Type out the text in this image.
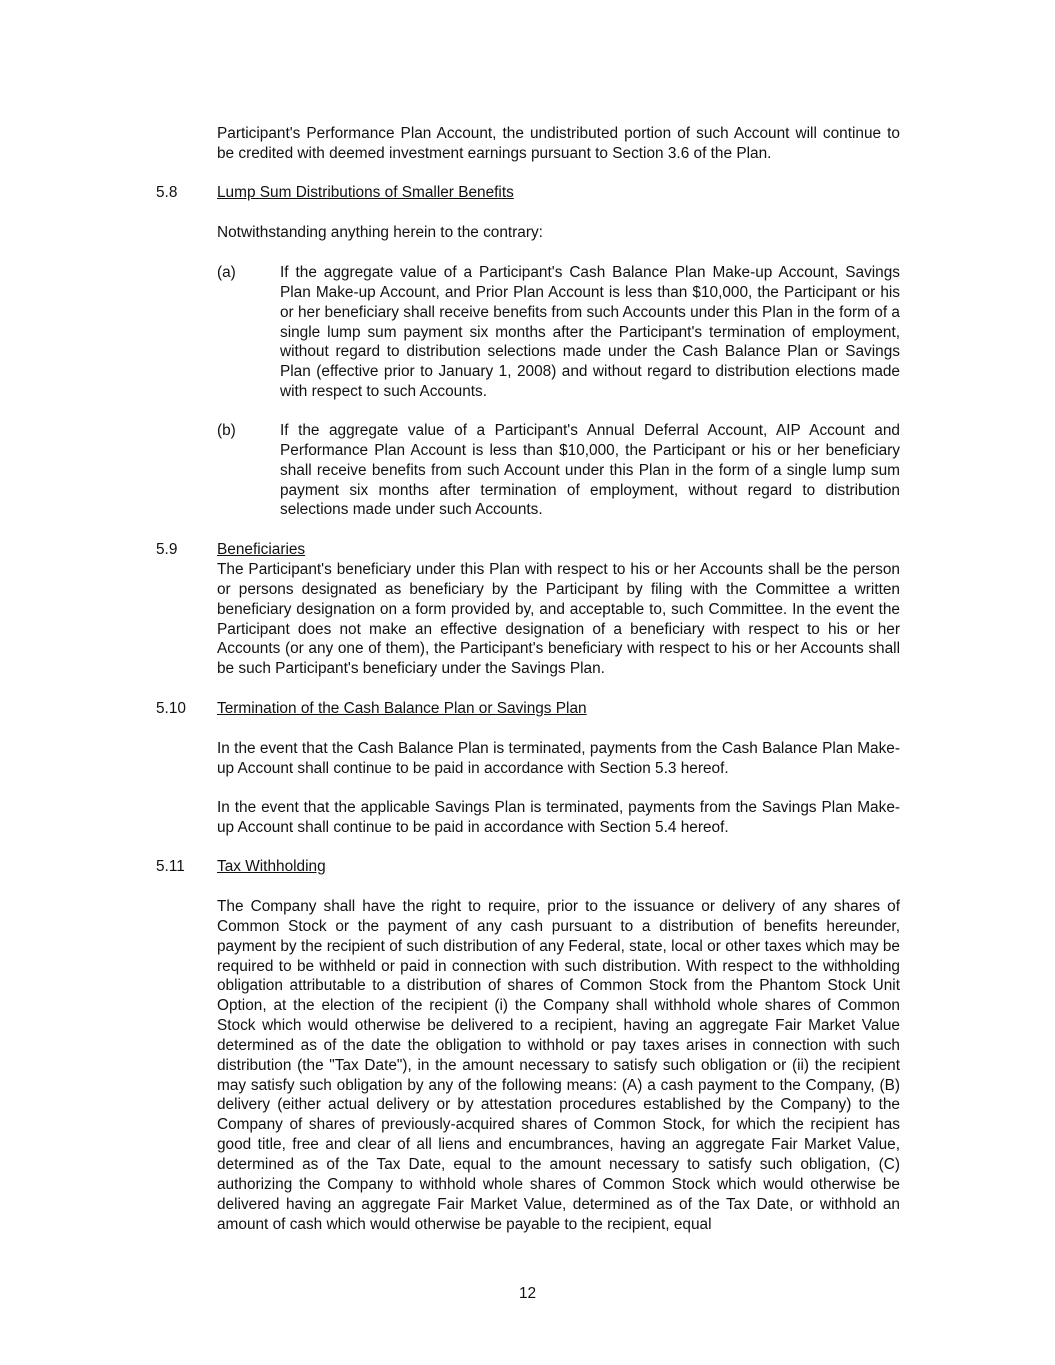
Participant's Performance Plan Account, the undistributed portion of such Account will continue to be credited with deemed investment earnings pursuant to Section 3.6 of the Plan.

5.8	Lump Sum Distributions of Smaller Benefits

Notwithstanding anything herein to the contrary:

(a)	If the aggregate value of a Participant's Cash Balance Plan Make-up Account, Savings Plan Make-up Account, and Prior Plan Account is less than $10,000, the Participant or his or her beneficiary shall receive benefits from such Accounts under this Plan in the form of a single lump sum payment six months after the Participant's termination of employment, without regard to distribution selections made under the Cash Balance Plan or Savings Plan (effective prior to January 1, 2008) and without regard to distribution elections made with respect to such Accounts.

(b)	If the aggregate value of a Participant's Annual Deferral Account, AIP Account and Performance Plan Account is less than $10,000, the Participant or his or her beneficiary shall receive benefits from such Account under this Plan in the form of a single lump sum payment six months after termination of employment, without regard to distribution selections made under such Accounts.

5.9	Beneficiaries

The Participant's beneficiary under this Plan with respect to his or her Accounts shall be the person or persons designated as beneficiary by the Participant by filing with the Committee a written beneficiary designation on a form provided by, and acceptable to, such Committee. In the event the Participant does not make an effective designation of a beneficiary with respect to his or her Accounts (or any one of them), the Participant's beneficiary with respect to his or her Accounts shall be such Participant's beneficiary under the Savings Plan.

5.10 Termination of the Cash Balance Plan or Savings Plan

In the event that the Cash Balance Plan is terminated, payments from the Cash Balance Plan Make-up Account shall continue to be paid in accordance with Section 5.3 hereof.

In the event that the applicable Savings Plan is terminated, payments from the Savings Plan Make-up Account shall continue to be paid in accordance with Section 5.4 hereof.

5.11 Tax Withholding

The Company shall have the right to require, prior to the issuance or delivery of any shares of Common Stock or the payment of any cash pursuant to a distribution of benefits hereunder, payment by the recipient of such distribution of any Federal, state, local or other taxes which may be required to be withheld or paid in connection with such distribution. With respect to the withholding obligation attributable to a distribution of shares of Common Stock from the Phantom Stock Unit Option, at the election of the recipient (i) the Company shall withhold whole shares of Common Stock which would otherwise be delivered to a recipient, having an aggregate Fair Market Value determined as of the date the obligation to withhold or pay taxes arises in connection with such distribution (the "Tax Date"), in the amount necessary to satisfy such obligation or (ii) the recipient may satisfy such obligation by any of the following means: (A) a cash payment to the Company, (B) delivery (either actual delivery or by attestation procedures established by the Company) to the Company of shares of previously-acquired shares of Common Stock, for which the recipient has good title, free and clear of all liens and encumbrances, having an aggregate Fair Market Value, determined as of the Tax Date, equal to the amount necessary to satisfy such obligation, (C) authorizing the Company to withhold whole shares of Common Stock which would otherwise be delivered having an aggregate Fair Market Value, determined as of the Tax Date, or withhold an amount of cash which would otherwise be payable to the recipient, equal

12
